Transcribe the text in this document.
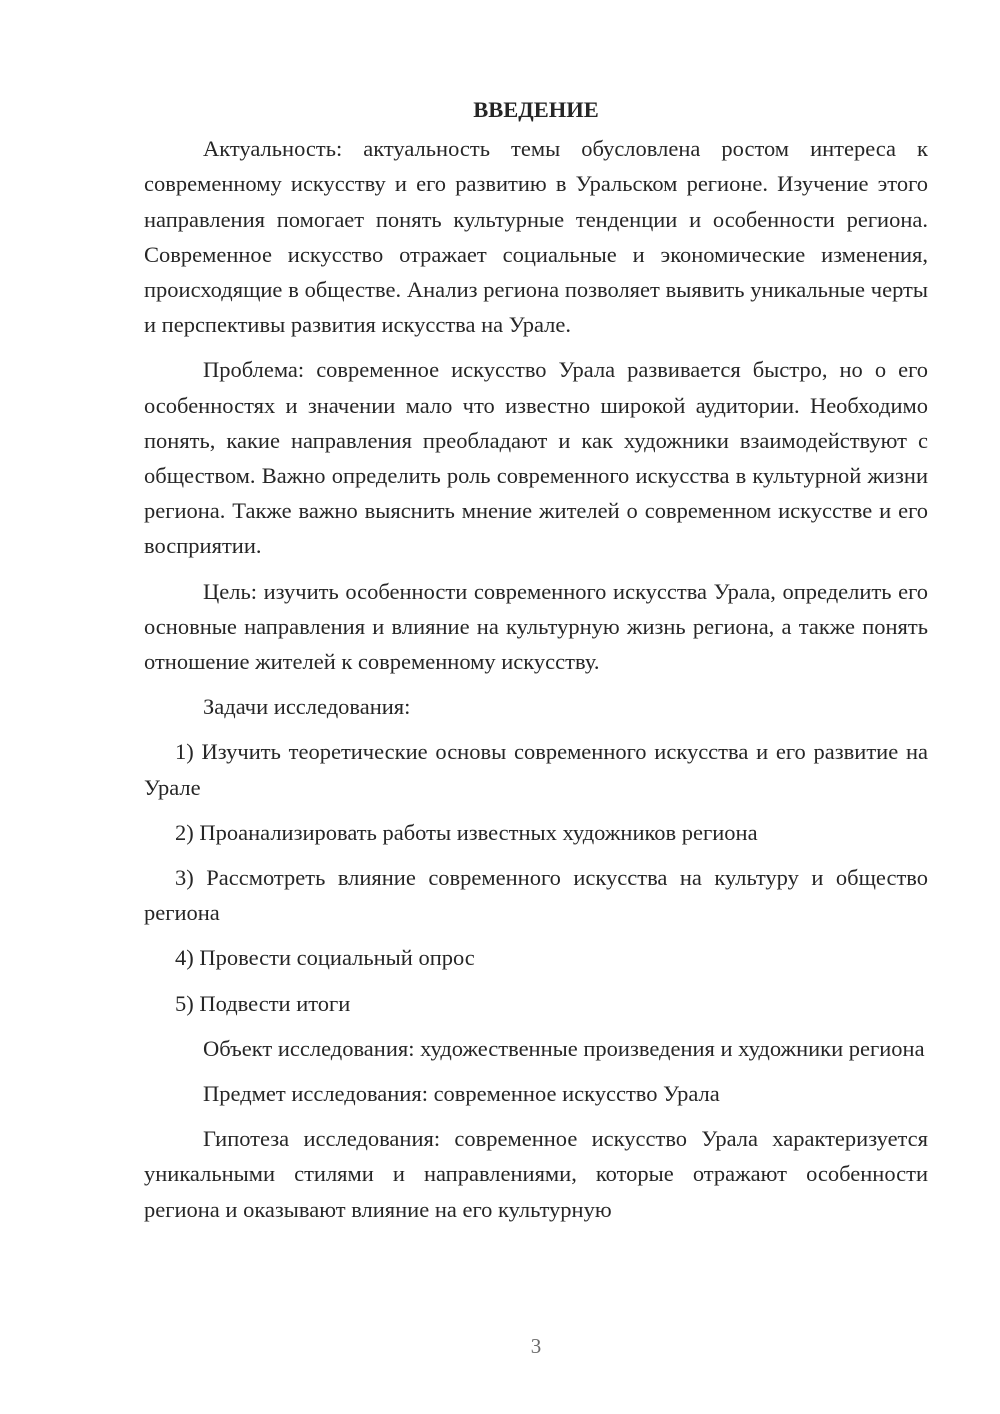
ВВЕДЕНИЕ

Актуальность: актуальность темы обусловлена ростом интереса к современному искусству и его развитию в Уральском регионе. Изучение этого направления помогает понять культурные тенденции и особенности региона. Современное искусство отражает социальные и экономические изменения, происходящие в обществе. Анализ региона позволяет выявить уникальные черты и перспективы развития искусства на Урале.

Проблема: современное искусство Урала развивается быстро, но о его особенностях и значении мало что известно широкой аудитории. Необходимо понять, какие направления преобладают и как художники взаимодействуют с обществом. Важно определить роль современного искусства в культурной жизни региона. Также важно выяснить мнение жителей о современном искусстве и его восприятии.

Цель: изучить особенности современного искусства Урала, определить его основные направления и влияние на культурную жизнь региона, а также понять отношение жителей к современному искусству.

Задачи исследования:

1) Изучить теоретические основы современного искусства и его развитие на Урале

2) Проанализировать работы известных художников региона

3) Рассмотреть влияние современного искусства на культуру и общество региона

4) Провести социальный опрос

5) Подвести итоги

Объект исследования: художественные произведения и художники региона

Предмет исследования: современное искусство Урала

Гипотеза исследования: современное искусство Урала характеризуется уникальными стилями и направлениями, которые отражают особенности региона и оказывают влияние на его культурную

3
